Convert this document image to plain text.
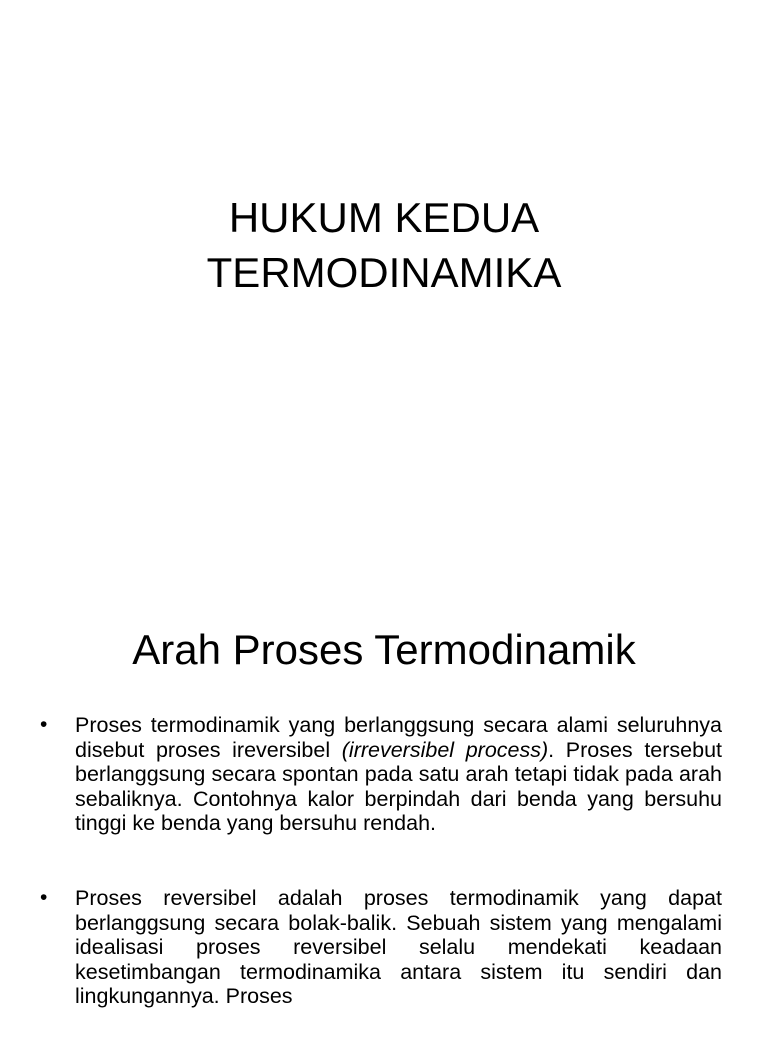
HUKUM KEDUA
TERMODINAMIKA
Arah Proses Termodinamik
• Proses termodinamik yang berlanggsung secara alami seluruhnya disebut proses ireversibel (irreversibel process). Proses tersebut berlanggsung secara spontan pada satu arah tetapi tidak pada arah sebaliknya. Contohnya kalor berpindah dari benda yang bersuhu tinggi ke benda yang bersuhu rendah.
• Proses reversibel adalah proses termodinamik yang dapat berlanggsung secara bolak-balik. Sebuah sistem yang mengalami idealisasi proses reversibel selalu mendekati keadaan kesetimbangan termodinamika antara sistem itu sendiri dan lingkungannya. Proses
